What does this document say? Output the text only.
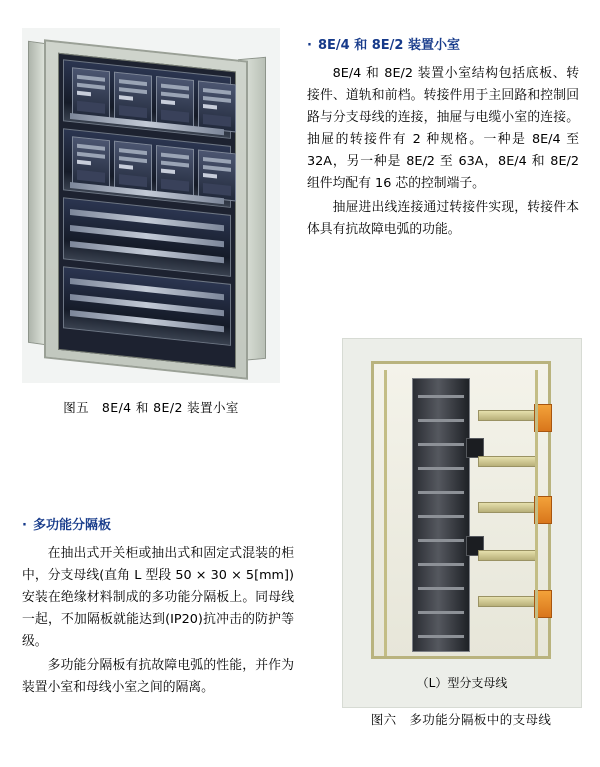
图五　8E/4 和 8E/2 装置小室
· 8E/4 和 8E/2 装置小室

8E/4 和 8E/2 装置小室结构包括底板、转接件、道轨和前档。转接件用于主回路和控制回路与分支母线的连接，抽屉与电缆小室的连接。抽屉的转接件有 2 种规格。一种是 8E/4 至 32A，另一种是 8E/2 至 63A，8E/4 和 8E/2 组件均配有 16 芯的控制端子。

抽屉进出线连接通过转接件实现，转接件本体具有抗故障电弧的功能。

· 多功能分隔板

在抽出式开关柜或抽出式和固定式混装的柜中，分支母线(直角 L 型段 50 × 30 × 5[mm])安装在绝缘材料制成的多功能分隔板上。同母线一起，不加隔板就能达到(IP20)抗冲击的防护等级。

多功能分隔板有抗故障电弧的性能，并作为装置小室和母线小室之间的隔离。	（L）型分支母线
图六　多功能分隔板中的支母线
